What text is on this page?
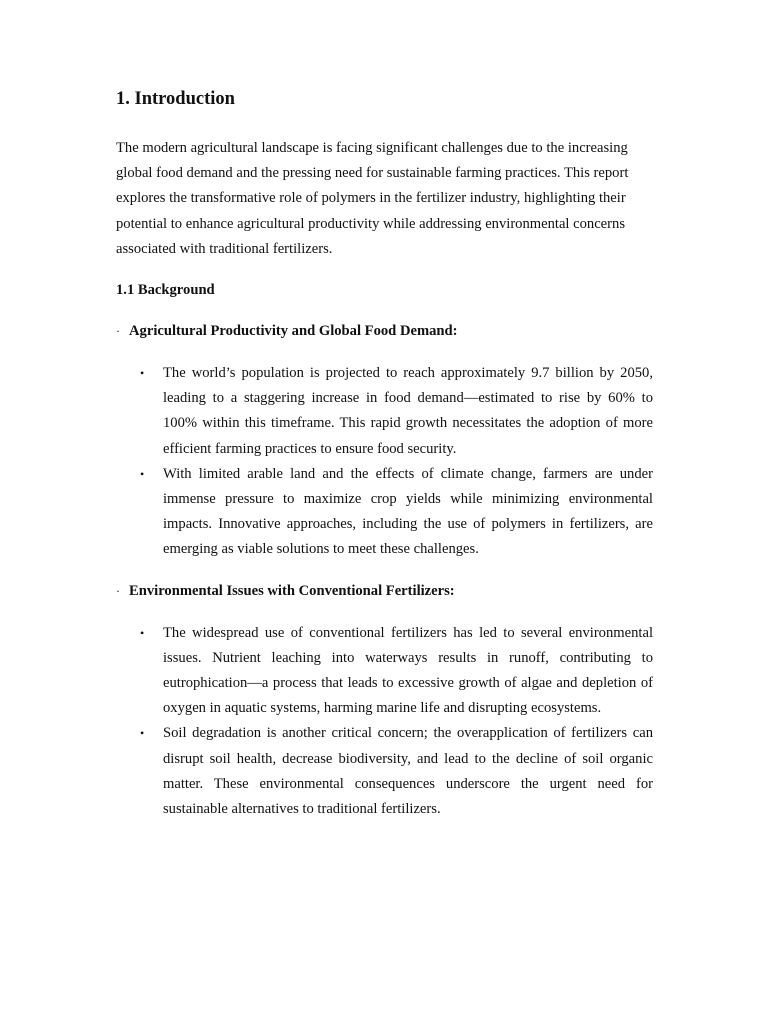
1. Introduction

The modern agricultural landscape is facing significant challenges due to the increasing global food demand and the pressing need for sustainable farming practices. This report explores the transformative role of polymers in the fertilizer industry, highlighting their potential to enhance agricultural productivity while addressing environmental concerns associated with traditional fertilizers.

1.1 Background
· Agricultural Productivity and Global Food Demand:
• The world’s population is projected to reach approximately 9.7 billion by 2050, leading to a staggering increase in food demand—estimated to rise by 60% to 100% within this timeframe. This rapid growth necessitates the adoption of more efficient farming practices to ensure food security.
• With limited arable land and the effects of climate change, farmers are under immense pressure to maximize crop yields while minimizing environmental impacts. Innovative approaches, including the use of polymers in fertilizers, are emerging as viable solutions to meet these challenges.
· Environmental Issues with Conventional Fertilizers:
• The widespread use of conventional fertilizers has led to several environmental issues. Nutrient leaching into waterways results in runoff, contributing to eutrophication—a process that leads to excessive growth of algae and depletion of oxygen in aquatic systems, harming marine life and disrupting ecosystems.
• Soil degradation is another critical concern; the overapplication of fertilizers can disrupt soil health, decrease biodiversity, and lead to the decline of soil organic matter. These environmental consequences underscore the urgent need for sustainable alternatives to traditional fertilizers.
